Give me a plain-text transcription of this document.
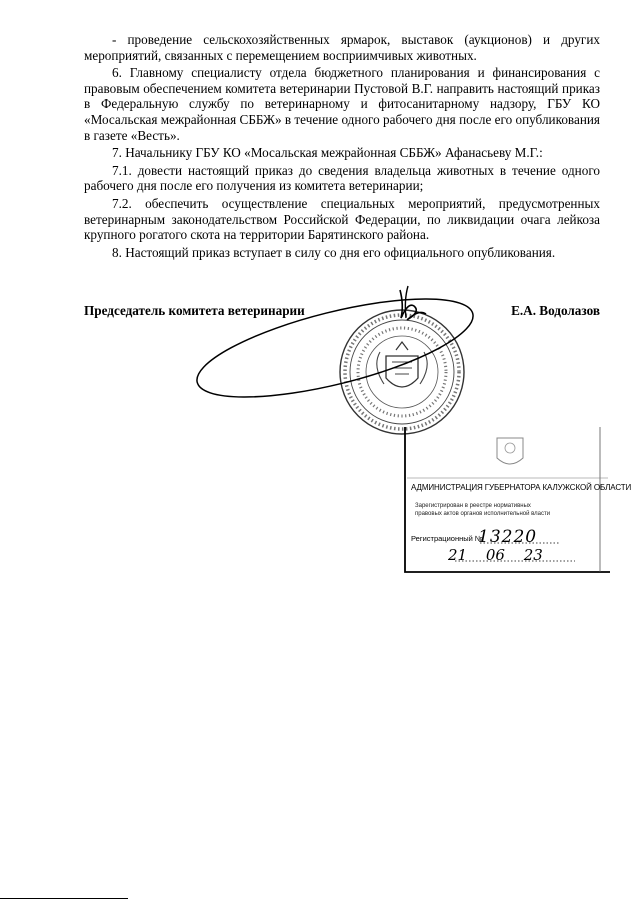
- проведение сельскохозяйственных ярмарок, выставок (аукционов) и других мероприятий, связанных с перемещением восприимчивых животных.

6. Главному специалисту отдела бюджетного планирования и финансирования с правовым обеспечением комитета ветеринарии Пустовой В.Г. направить настоящий приказ в Федеральную службу по ветеринарному и фитосанитарному надзору, ГБУ КО «Мосальская межрайонная СББЖ» в течение одного рабочего дня после его опубликования в газете «Весть».

7. Начальнику ГБУ КО «Мосальская межрайонная СББЖ» Афанасьеву М.Г.:

7.1. довести настоящий приказ до сведения владельца животных в течение одного рабочего дня после его получения из комитета ветеринарии;

7.2. обеспечить осуществление специальных мероприятий, предусмотренных ветеринарным законодательством Российской Федерации, по ликвидации очага лейкоза крупного рогатого скота на территории Барятинского района.

8. Настоящий приказ вступает в силу со дня его официального опубликования.

Председатель комитета ветеринарии	Е.А. Водолазов
АДМИНИСТРАЦИЯ ГУБЕРНАТОРА КАЛУЖСКОЙ ОБЛАСТИ
Зарегистрирован в реестре нормативных
правовых актов органов исполнительной власти
Регистрационный №
13220
21 06 23
